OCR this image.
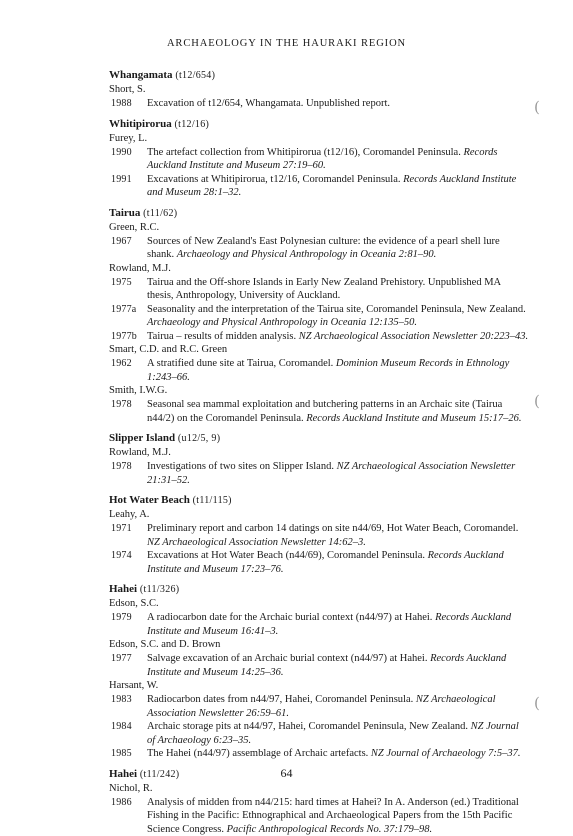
ARCHAEOLOGY IN THE HAURAKI REGION
Whangamata (t12/654)
Short, S.
1988	Excavation of t12/654, Whangamata. Unpublished report.
Whitipirorua (t12/16)
Furey, L.
1990	The artefact collection from Whitipirorua (t12/16), Coromandel Peninsula. Records Auckland Institute and Museum 27:19–60.
1991	Excavations at Whitipirorua, t12/16, Coromandel Peninsula. Records Auckland Institute and Museum 28:1–32.
Tairua (t11/62)
Green, R.C.
1967	Sources of New Zealand's East Polynesian culture: the evidence of a pearl shell lure shank. Archaeology and Physical Anthropology in Oceania 2:81–90.
Rowland, M.J.
1975	Tairua and the Off-shore Islands in Early New Zealand Prehistory. Unpublished MA thesis, Anthropology, University of Auckland.
1977a	Seasonality and the interpretation of the Tairua site, Coromandel Peninsula, New Zealand. Archaeology and Physical Anthropology in Oceania 12:135–50.
1977b Tairua – results of midden analysis. NZ Archaeological Association Newsletter 20:223–43.
Smart, C.D. and R.C. Green
1962	A stratified dune site at Tairua, Coromandel. Dominion Museum Records in Ethnology 1:243–66.
Smith, I.W.G.
1978	Seasonal sea mammal exploitation and butchering patterns in an Archaic site (Tairua n44/2) on the Coromandel Peninsula. Records Auckland Institute and Museum 15:17–26.
Slipper Island (u12/5, 9)
Rowland, M.J.
1978	Investigations of two sites on Slipper Island. NZ Archaeological Association Newsletter 21:31–52.
Hot Water Beach (t11/115)
Leahy, A.
1971	Preliminary report and carbon 14 datings on site n44/69, Hot Water Beach, Coromandel. NZ Archaeological Association Newsletter 14:62–3.
1974	Excavations at Hot Water Beach (n44/69), Coromandel Peninsula. Records Auckland Institute and Museum 17:23–76.
Hahei (t11/326)
Edson, S.C.
1979	A radiocarbon date for the Archaic burial context (n44/97) at Hahei. Records Auckland Institute and Museum 16:41–3.
Edson, S.C. and D. Brown
1977	Salvage excavation of an Archaic burial context (n44/97) at Hahei. Records Auckland Institute and Museum 14:25–36.
Harsant, W.
1983	Radiocarbon dates from n44/97, Hahei, Coromandel Peninsula. NZ Archaeological Association Newsletter 26:59–61.
1984	Archaic storage pits at n44/97, Hahei, Coromandel Peninsula, New Zealand. NZ Journal of Archaeology 6:23–35.
1985	The Hahei (n44/97) assemblage of Archaic artefacts. NZ Journal of Archaeology 7:5–37.
Hahei (t11/242)
Nichol, R.
1986	Analysis of midden from n44/215: hard times at Hahei? In A. Anderson (ed.) Traditional Fishing in the Pacific: Ethnographical and Archaeological Papers from the 15th Pacific Science Congress. Pacific Anthropological Records No. 37:179–98.
(
(
(
64
